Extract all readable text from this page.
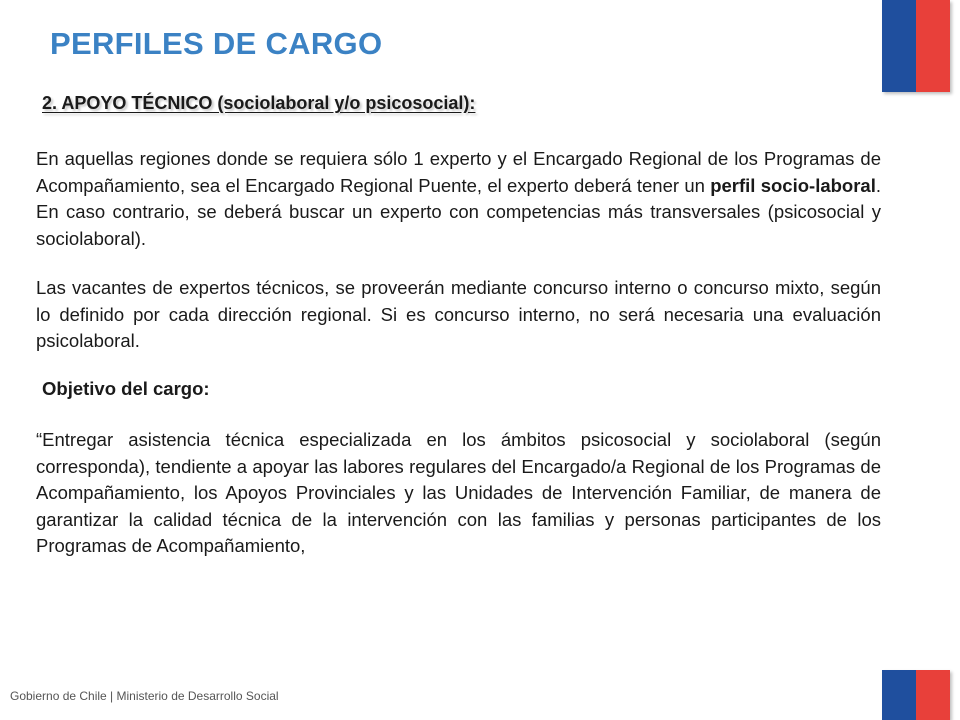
PERFILES DE CARGO
2. APOYO TÉCNICO (sociolaboral y/o psicosocial):

En aquellas regiones donde se requiera sólo 1 experto y el Encargado Regional de los Programas de Acompañamiento, sea el Encargado Regional Puente, el experto deberá tener un perfil socio-laboral. En caso contrario, se deberá buscar un experto con competencias más transversales (psicosocial y sociolaboral).

Las vacantes de expertos técnicos, se proveerán mediante concurso interno o concurso mixto, según lo definido por cada dirección regional. Si es concurso interno, no será necesaria una evaluación psicolaboral.

Objetivo del cargo:

“Entregar asistencia técnica especializada en los ámbitos psicosocial y sociolaboral (según corresponda), tendiente a apoyar las labores regulares del Encargado/a Regional de los Programas de Acompañamiento, los Apoyos Provinciales y las Unidades de Intervención Familiar, de manera de garantizar la calidad técnica de la intervención con las familias y personas participantes de los Programas de Acompañamiento,

Gobierno de Chile | Ministerio de Desarrollo Social
